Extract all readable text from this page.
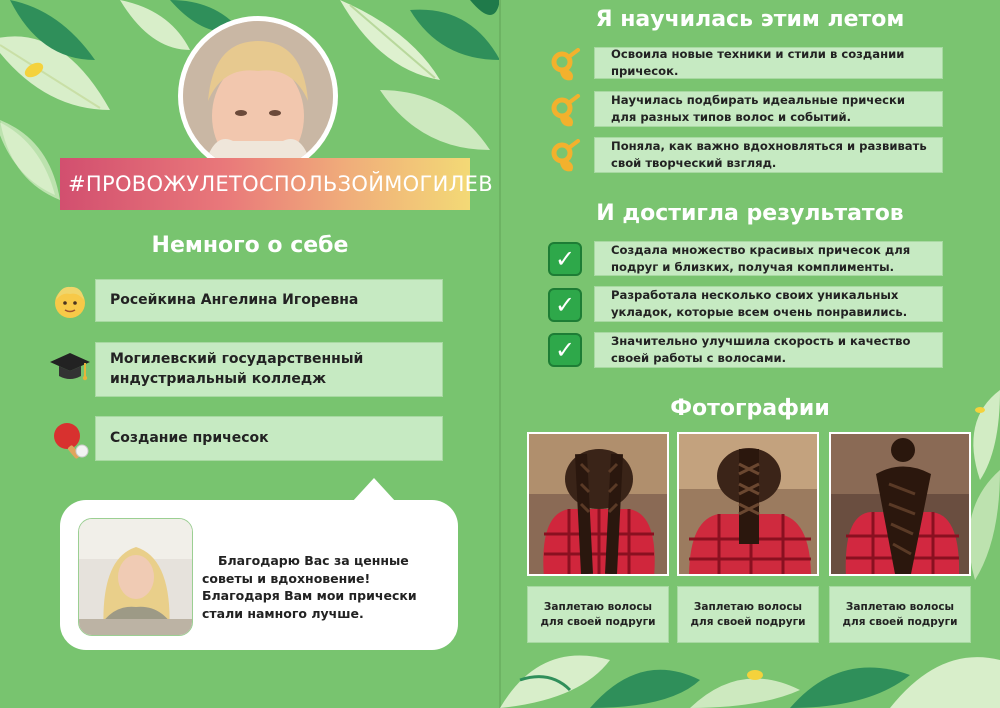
#ПРОВОЖУЛЕТОСПОЛЬЗОЙМОГИЛЕВ
Немного о себе
Росейкина Ангелина Игоревна
Могилевский государственный индустриальный колледж
Создание причесок
Благодарю Вас за ценные советы и вдохновение! Благодаря Вам мои прически стали намного лучше.
Я научилась этим летом
Освоила новые техники и стили в создании причесок.
Научилась подбирать идеальные прически для разных типов волос и событий.
Поняла, как важно вдохновляться и развивать свой творческий взгляд.
И достигла результатов
✓	Создала множество красивых причесок для подруг и близких, получая комплименты.
✓	Разработала несколько своих уникальных укладок, которые всем очень понравились.
✓	Значительно улучшила скорость и качество своей работы с волосами.
Фотографии
Заплетаю волосы для своей подруги
Заплетаю волосы для своей подруги
Заплетаю волосы для своей подруги
